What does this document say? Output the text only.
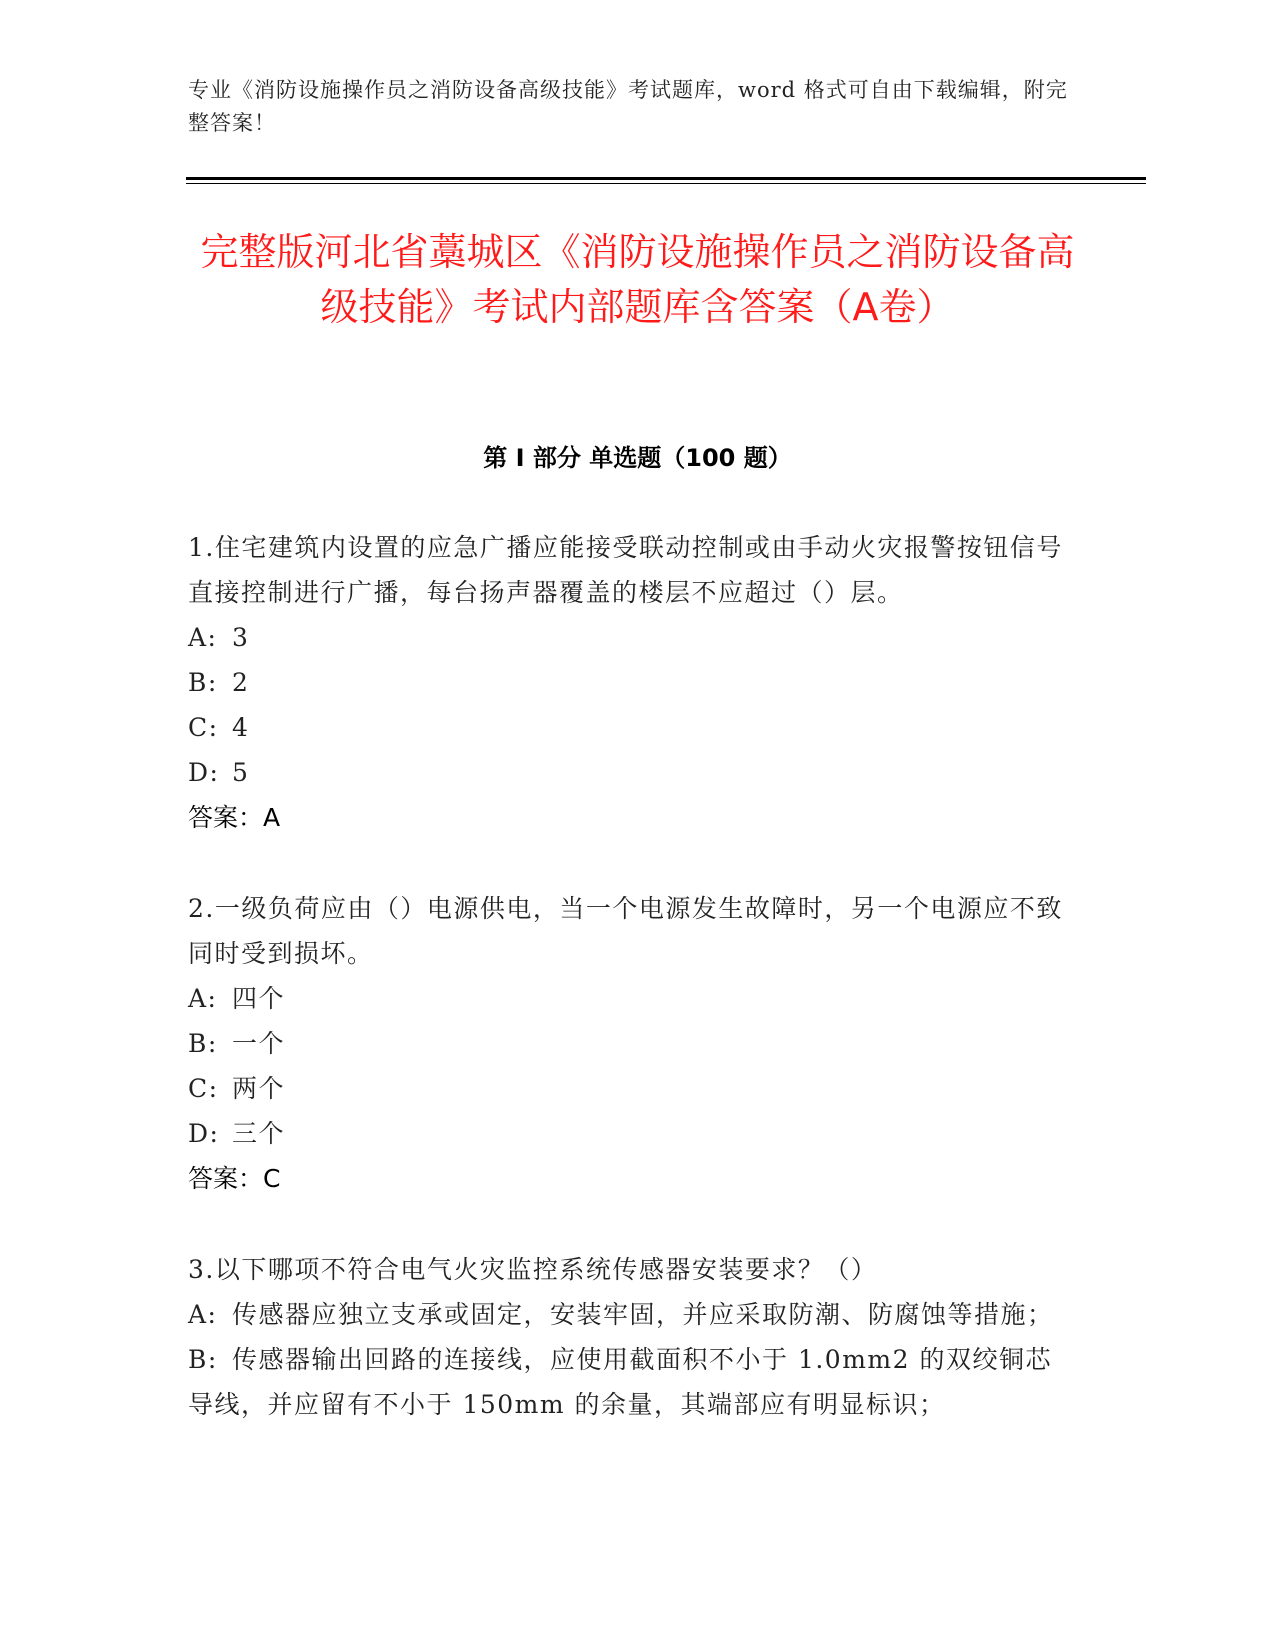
专业《消防设施操作员之消防设备高级技能》考试题库，word 格式可自由下载编辑，附完整答案！
完整版河北省藁城区《消防设施操作员之消防设备高级技能》考试内部题库含答案（A卷）
第 I 部分 单选题（100 题）

1.住宅建筑内设置的应急广播应能接受联动控制或由手动火灾报警按钮信号直接控制进行广播，每台扬声器覆盖的楼层不应超过（）层。

A: 3

B: 2

C: 4

D: 5

答案：A

2.一级负荷应由（）电源供电，当一个电源发生故障时，另一个电源应不致同时受到损坏。

A: 四个

B: 一个

C: 两个

D: 三个

答案：C

3.以下哪项不符合电气火灾监控系统传感器安装要求？（）

A: 传感器应独立支承或固定，安装牢固，并应采取防潮、防腐蚀等措施；

B: 传感器输出回路的连接线，应使用截面积不小于 1.0mm2 的双绞铜芯导线，并应留有不小于 150mm 的余量，其端部应有明显标识；
